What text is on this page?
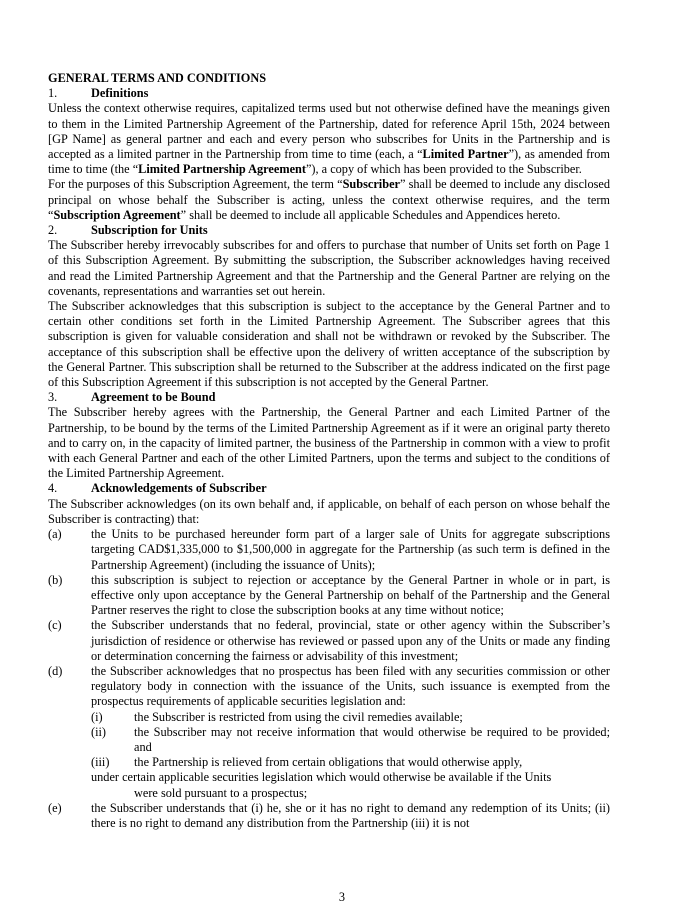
GENERAL TERMS AND CONDITIONS
1.	Definitions
Unless the context otherwise requires, capitalized terms used but not otherwise defined have the meanings given to them in the Limited Partnership Agreement of the Partnership, dated for reference April 15th, 2024 between [GP Name] as general partner and each and every person who subscribes for Units in the Partnership and is accepted as a limited partner in the Partnership from time to time (each, a “Limited Partner”), as amended from time to time (the “Limited Partnership Agreement”), a copy of which has been provided to the Subscriber.
For the purposes of this Subscription Agreement, the term “Subscriber” shall be deemed to include any disclosed principal on whose behalf the Subscriber is acting, unless the context otherwise requires, and the term “Subscription Agreement” shall be deemed to include all applicable Schedules and Appendices hereto.
2.	Subscription for Units
The Subscriber hereby irrevocably subscribes for and offers to purchase that number of Units set forth on Page 1 of this Subscription Agreement. By submitting the subscription, the Subscriber acknowledges having received and read the Limited Partnership Agreement and that the Partnership and the General Partner are relying on the covenants, representations and warranties set out herein.
The Subscriber acknowledges that this subscription is subject to the acceptance by the General Partner and to certain other conditions set forth in the Limited Partnership Agreement. The Subscriber agrees that this subscription is given for valuable consideration and shall not be withdrawn or revoked by the Subscriber. The acceptance of this subscription shall be effective upon the delivery of written acceptance of the subscription by the General Partner. This subscription shall be returned to the Subscriber at the address indicated on the first page of this Subscription Agreement if this subscription is not accepted by the General Partner.
3.	Agreement to be Bound
The Subscriber hereby agrees with the Partnership, the General Partner and each Limited Partner of the Partnership, to be bound by the terms of the Limited Partnership Agreement as if it were an original party thereto and to carry on, in the capacity of limited partner, the business of the Partnership in common with a view to profit with each General Partner and each of the other Limited Partners, upon the terms and subject to the conditions of the Limited Partnership Agreement.
4.	Acknowledgements of Subscriber
The Subscriber acknowledges (on its own behalf and, if applicable, on behalf of each person on whose behalf the Subscriber is contracting) that:
(a)	the Units to be purchased hereunder form part of a larger sale of Units for aggregate subscriptions targeting CAD$1,335,000 to $1,500,000 in aggregate for the Partnership (as such term is defined in the Partnership Agreement) (including the issuance of Units);
(b)	this subscription is subject to rejection or acceptance by the General Partner in whole or in part, is effective only upon acceptance by the General Partnership on behalf of the Partnership and the General Partner reserves the right to close the subscription books at any time without notice;
(c)	the Subscriber understands that no federal, provincial, state or other agency within the Subscriber’s jurisdiction of residence or otherwise has reviewed or passed upon any of the Units or made any finding or determination concerning the fairness or advisability of this investment;
(d)	the Subscriber acknowledges that no prospectus has been filed with any securities commission or other regulatory body in connection with the issuance of the Units, such issuance is exempted from the prospectus requirements of applicable securities legislation and:
(i)	the Subscriber is restricted from using the civil remedies available;
(ii)	the Subscriber may not receive information that would otherwise be required to be provided; and
(iii)	the Partnership is relieved from certain obligations that would otherwise apply,
under certain applicable securities legislation which would otherwise be available if the Units
were sold pursuant to a prospectus;
(e)	the Subscriber understands that (i) he, she or it has no right to demand any redemption of its Units; (ii) there is no right to demand any distribution from the Partnership (iii) it is not
3
